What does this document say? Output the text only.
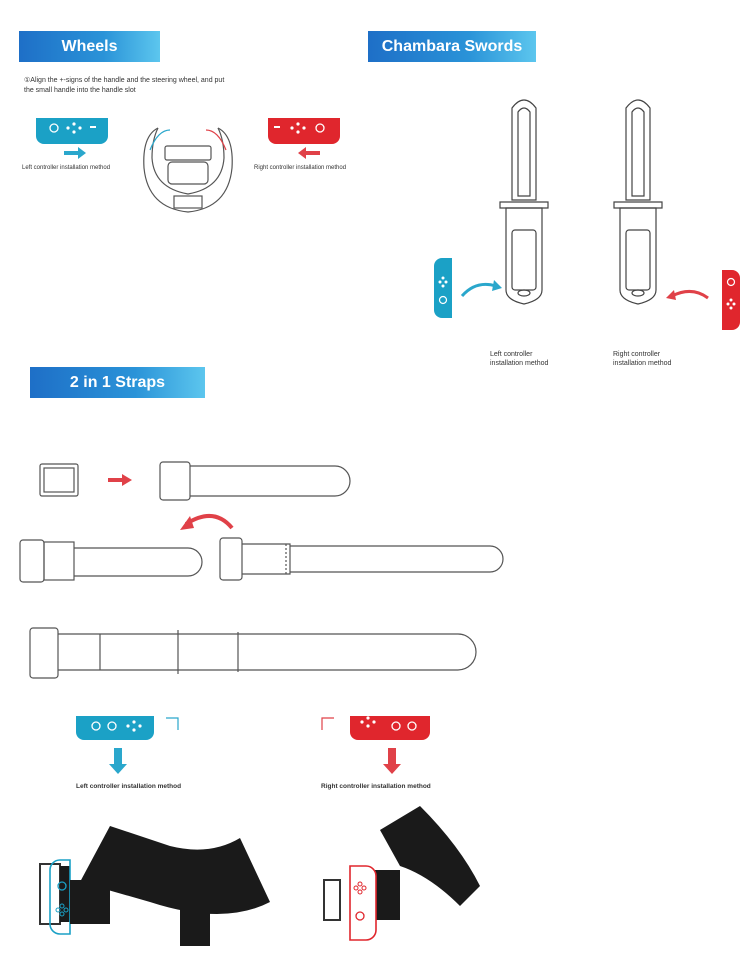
Wheels	Chambara Swords
2 in 1 Straps
①Align the +-signs of the handle and the steering wheel, and put
the small handle into the handle slot
Left controller installation method	Right controller installation method
Left controller
installation method
Right controller
installation method
Left controller installation method	Right controller installation method
